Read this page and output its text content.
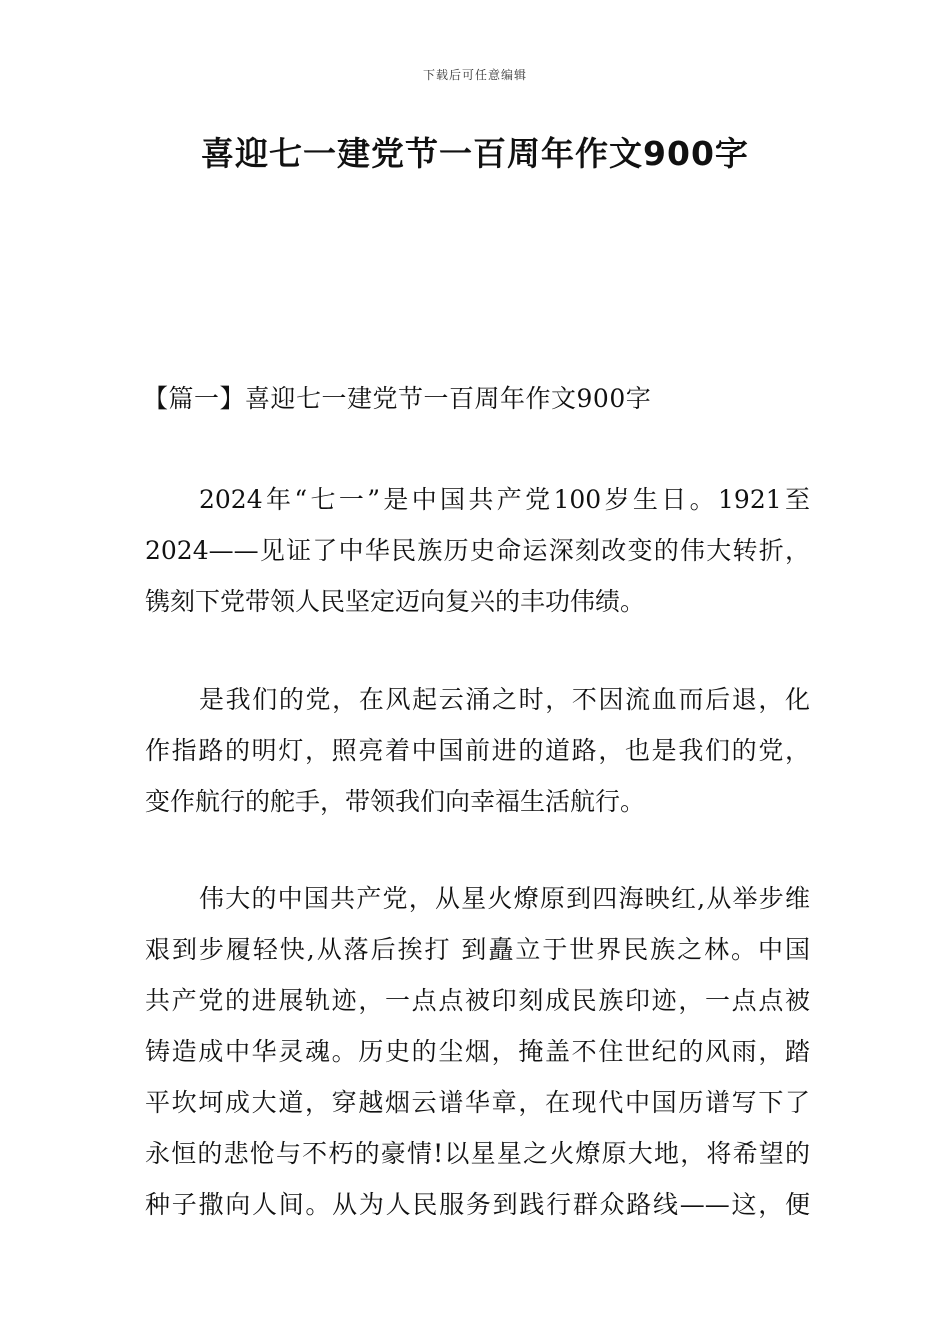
下载后可任意编辑
喜迎七一建党节一百周年作文900字
【篇一】喜迎七一建党节一百周年作文900字
2024年“七一”是中国共产党100岁生日。1921至
2024——见证了中华民族历史命运深刻改变的伟大转折，
镌刻下党带领人民坚定迈向复兴的丰功伟绩。
是我们的党，在风起云涌之时，不因流血而后退，化
作指路的明灯，照亮着中国前进的道路，也是我们的党，
变作航行的舵手，带领我们向幸福生活航行。
伟大的中国共产党，从星火燎原到四海映红,从举步维
艰到步履轻快,从落后挨打 到矗立于世界民族之林。中国
共产党的进展轨迹，一点点被印刻成民族印迹，一点点被
铸造成中华灵魂。历史的尘烟，掩盖不住世纪的风雨，踏
平坎坷成大道，穿越烟云谱华章，在现代中国历谱写下了
永恒的悲怆与不朽的豪情!以星星之火燎原大地，将希望的
种子撒向人间。从为人民服务到践行群众路线——这，便
